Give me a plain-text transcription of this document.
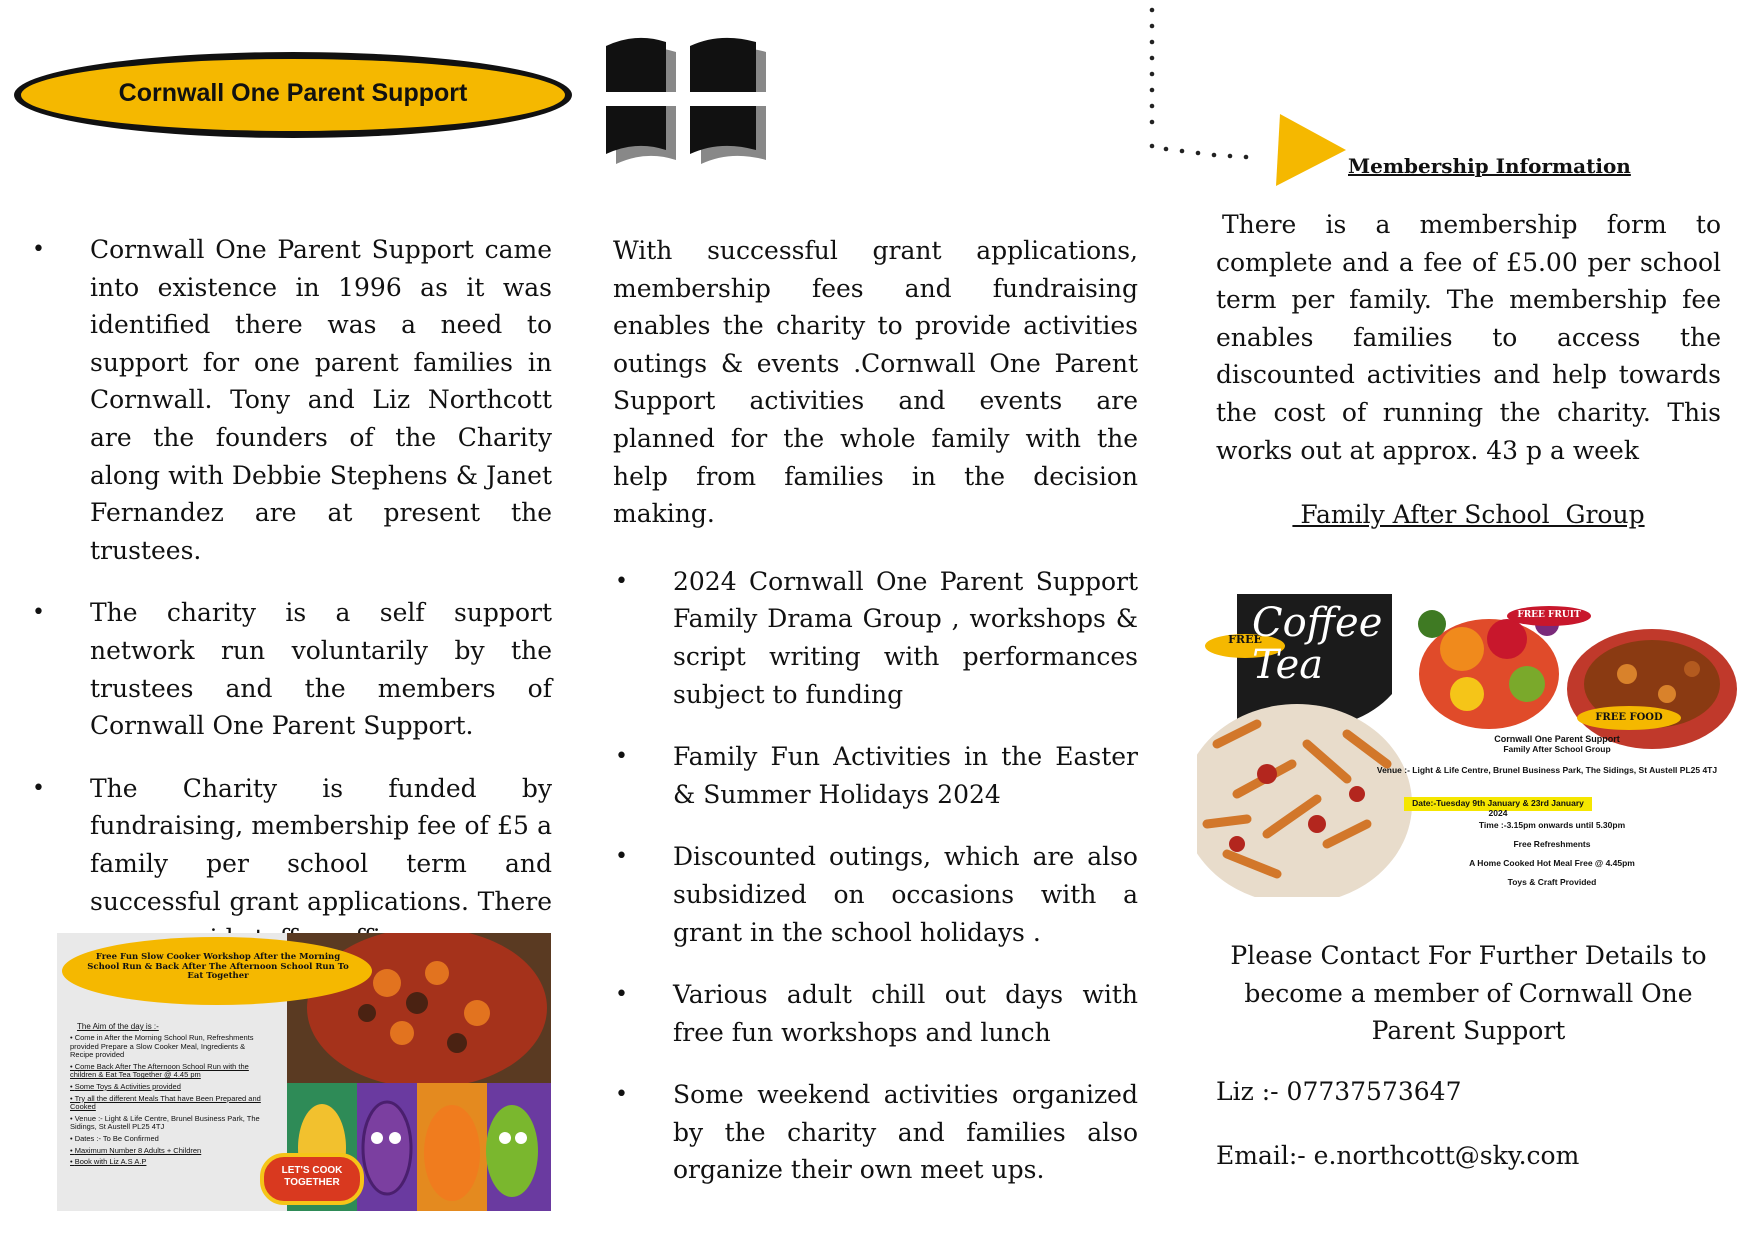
Cornwall One Parent Support
Membership Information
• Cornwall One Parent Support came into existence in 1996 as it was identified there was a need to support for one parent families in Cornwall. Tony and Liz Northcott are the founders of the Charity along with Debbie Stephens & Janet Fernandez are at present the trustees.
• The charity is a self support network run voluntarily by the trustees and the members of Cornwall One Parent Support.
• The Charity is funded by fundraising, membership fee of £5 a family per school term and successful grant applications. There

With successful grant applications, membership fees and fundraising enables the charity to provide activities outings & events .Cornwall One Parent Support activities and events are planned for the whole family with the help from families in the decision making.

• 2024 Cornwall One Parent Support Family Drama Group , workshops & script writing with performances subject to funding
• Family Fun Activities in the Easter & Summer Holidays 2024
• Discounted outings, which are also subsidized on occasions with a grant in the school holidays .
• Various adult chill out days with free fun workshops and lunch
• Some weekend activities organized by the charity and families also organize their own meet ups.

There is a membership form to complete and a fee of £5.00 per school term per family. The membership fee enables families to access the discounted activities and help towards the cost of running the charity. This works out at approx. 43 p a week

Family After School  Group
FREE
FREE FRUIT
FREE FOOD
Coffee Tea
Cornwall One Parent Support
Family After School Group
Venue :- Light & Life Centre, Brunel Business Park, The Sidings, St Austell PL25 4TJ
Date:-Tuesday 9th January & 23rd January 2024
Time :-3.15pm onwards until 5.30pm
Free Refreshments
A Home Cooked Hot Meal Free @ 4.45pm
Toys & Craft Provided
Please Contact For Further Details to become a member of Cornwall One Parent Support
Liz :- 07737573647
Email:- e.northcott@sky.com
Free Fun Slow Cooker Workshop After the Morning School Run & Back After The Afternoon School Run To Eat Together
The Aim of the day is :-
• Come in After the Morning School Run, Refreshments provided Prepare a Slow Cooker Meal, Ingredients & Recipe provided
• Come Back After The Afternoon School Run with the children & Eat Tea Together @ 4.45 pm
• Some Toys & Activities provided
• Try all the different Meals That have Been Prepared and Cooked
• Venue :- Light & Life Centre, Brunel Business Park, The Sidings, St Austell PL25 4TJ
• Dates :- To Be Confirmed
• Maximum Number 8 Adults + Children
• Book with Liz A.S A.P
LET'S COOK TOGETHER
